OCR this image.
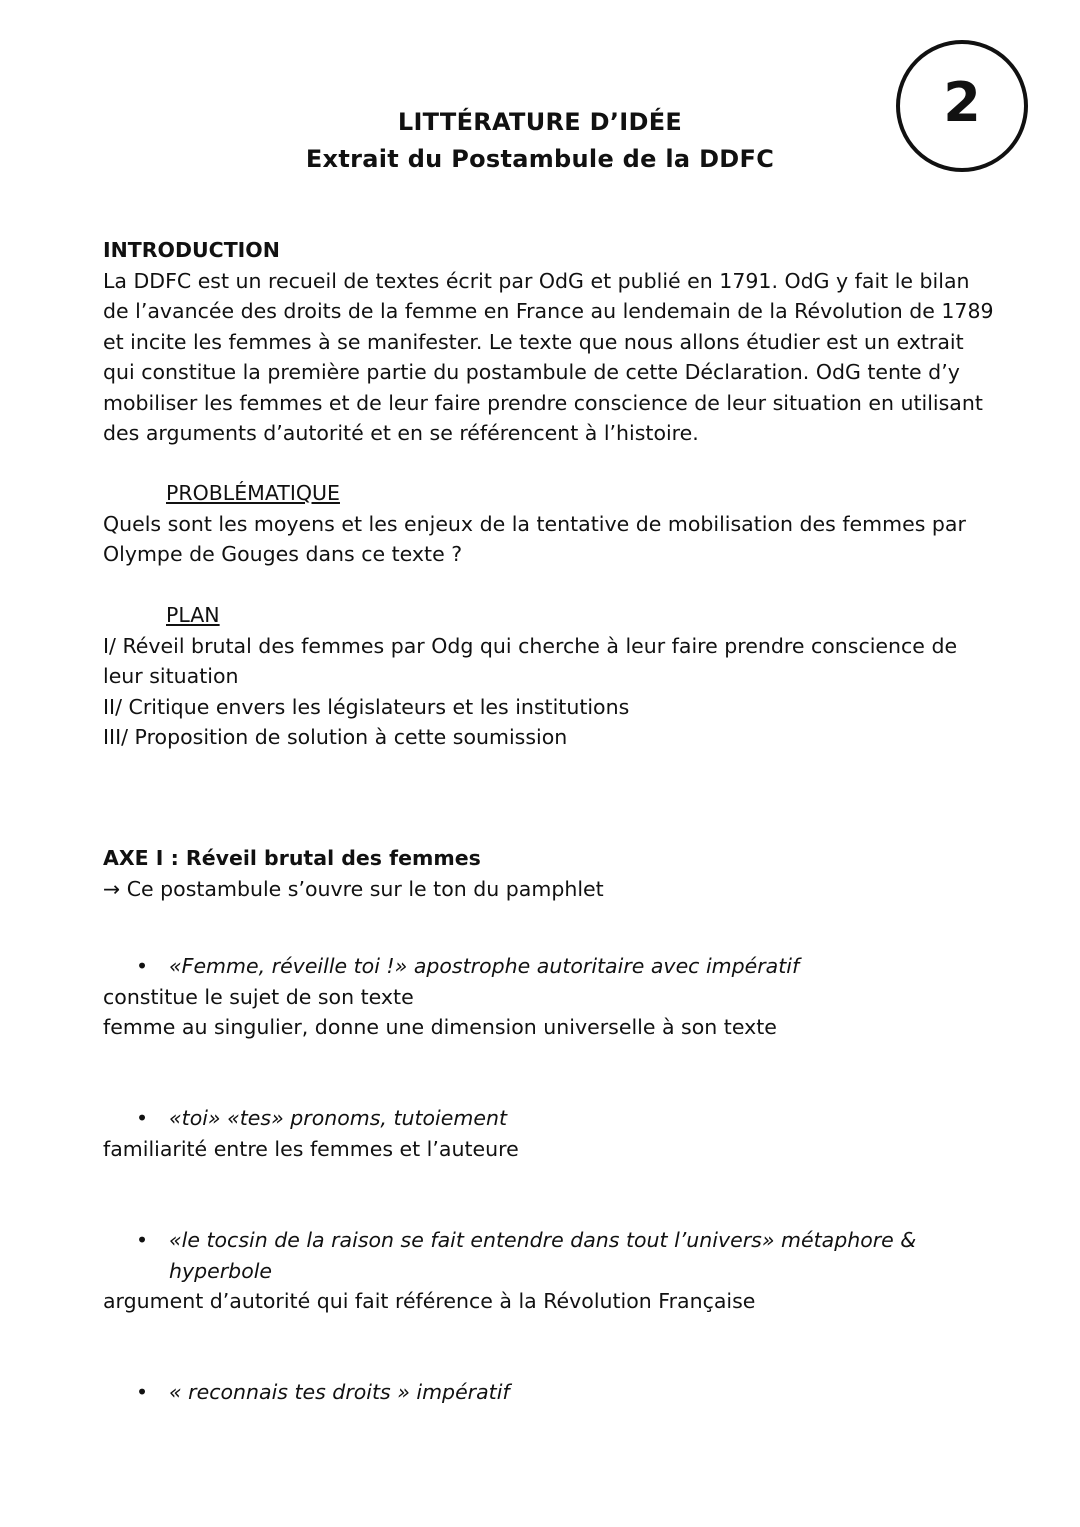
LITTÉRATURE D’IDÉE
Extrait du Postambule de la DDFC
2
INTRODUCTION
La DDFC est un recueil de textes écrit par OdG et publié en 1791. OdG y fait le bilan
de l’avancée des droits de la femme en France au lendemain de la Révolution de 1789
et incite les femmes à se manifester. Le texte que nous allons étudier est un extrait
qui constitue la première partie du postambule de cette Déclaration. OdG tente d’y
mobiliser les femmes et de leur faire prendre conscience de leur situation en utilisant
des arguments d’autorité et en se référencent à l’histoire.
PROBLÉMATIQUE
Quels sont les moyens et les enjeux de la tentative de mobilisation des femmes par
Olympe de Gouges dans ce texte ?
PLAN
I/ Réveil brutal des femmes par Odg qui cherche à leur faire prendre conscience de
leur situation
II/ Critique envers les législateurs et les institutions
III/ Proposition de solution à cette soumission
AXE I : Réveil brutal des femmes
→ Ce postambule s’ouvre sur le ton du pamphlet
• «Femme, réveille toi !» apostrophe autoritaire avec impératif
constitue le sujet de son texte
femme au singulier, donne une dimension universelle à son texte
• «toi» «tes» pronoms, tutoiement
familiarité entre les femmes et l’auteure
• «le tocsin de la raison se fait entendre dans tout l’univers» métaphore &
hyperbole
argument d’autorité qui fait référence à la Révolution Française
• « reconnais tes droits » impératif
